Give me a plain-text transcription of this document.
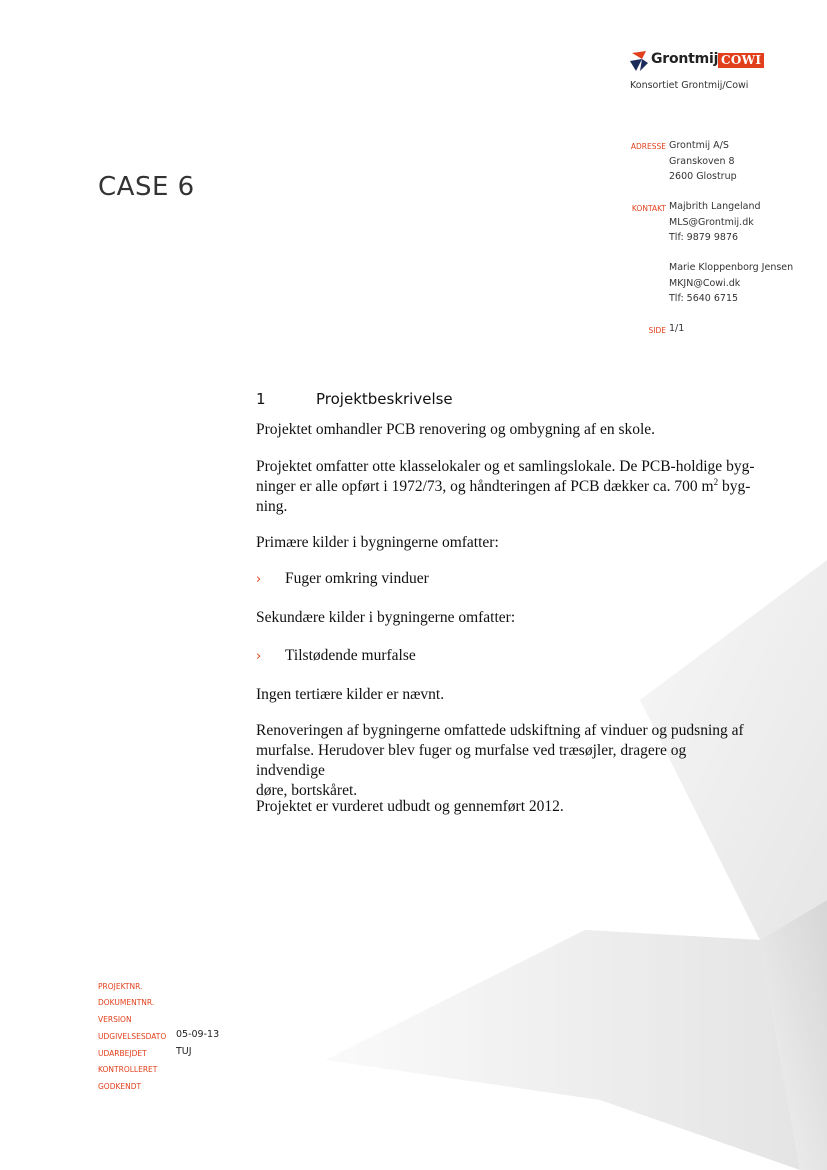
Grontmij COWI
Konsortiet Grontmij/Cowi
ADRESSE Grontmij A/S
Granskoven 8
2600 Glostrup
KONTAKT Majbrith Langeland
MLS@Grontmij.dk
Tlf: 9879 9876
Marie Kloppenborg Jensen
MKJN@Cowi.dk
Tlf: 5640 6715
SIDE 1/1
CASE 6
1	Projektbeskrivelse
Projektet omhandler PCB renovering og ombygning af en skole.
Projektet omfatter otte klasselokaler og et samlingslokale. De PCB-holdige byg-
ninger er alle opført i 1972/73, og håndteringen af PCB dækker ca. 700 $m^2$ byg-
ning.
Primære kilder i bygningerne omfatter:
› Fuger omkring vinduer
Sekundære kilder i bygningerne omfatter:
› Tilstødende murfalse
Ingen tertiære kilder er nævnt.
Renoveringen af bygningerne omfattede udskiftning af vinduer og pudsning af
murfalse. Herudover blev fuger og murfalse ved træsøjler, dragere og indvendige
døre, bortskåret.
Projektet er vurderet udbudt og gennemført 2012.
PROJEKTNR.
DOKUMENTNR.
VERSION
UDGIVELSESDATO 05-09-13
UDARBEJDET	TUJ
KONTROLLERET
GODKENDT
